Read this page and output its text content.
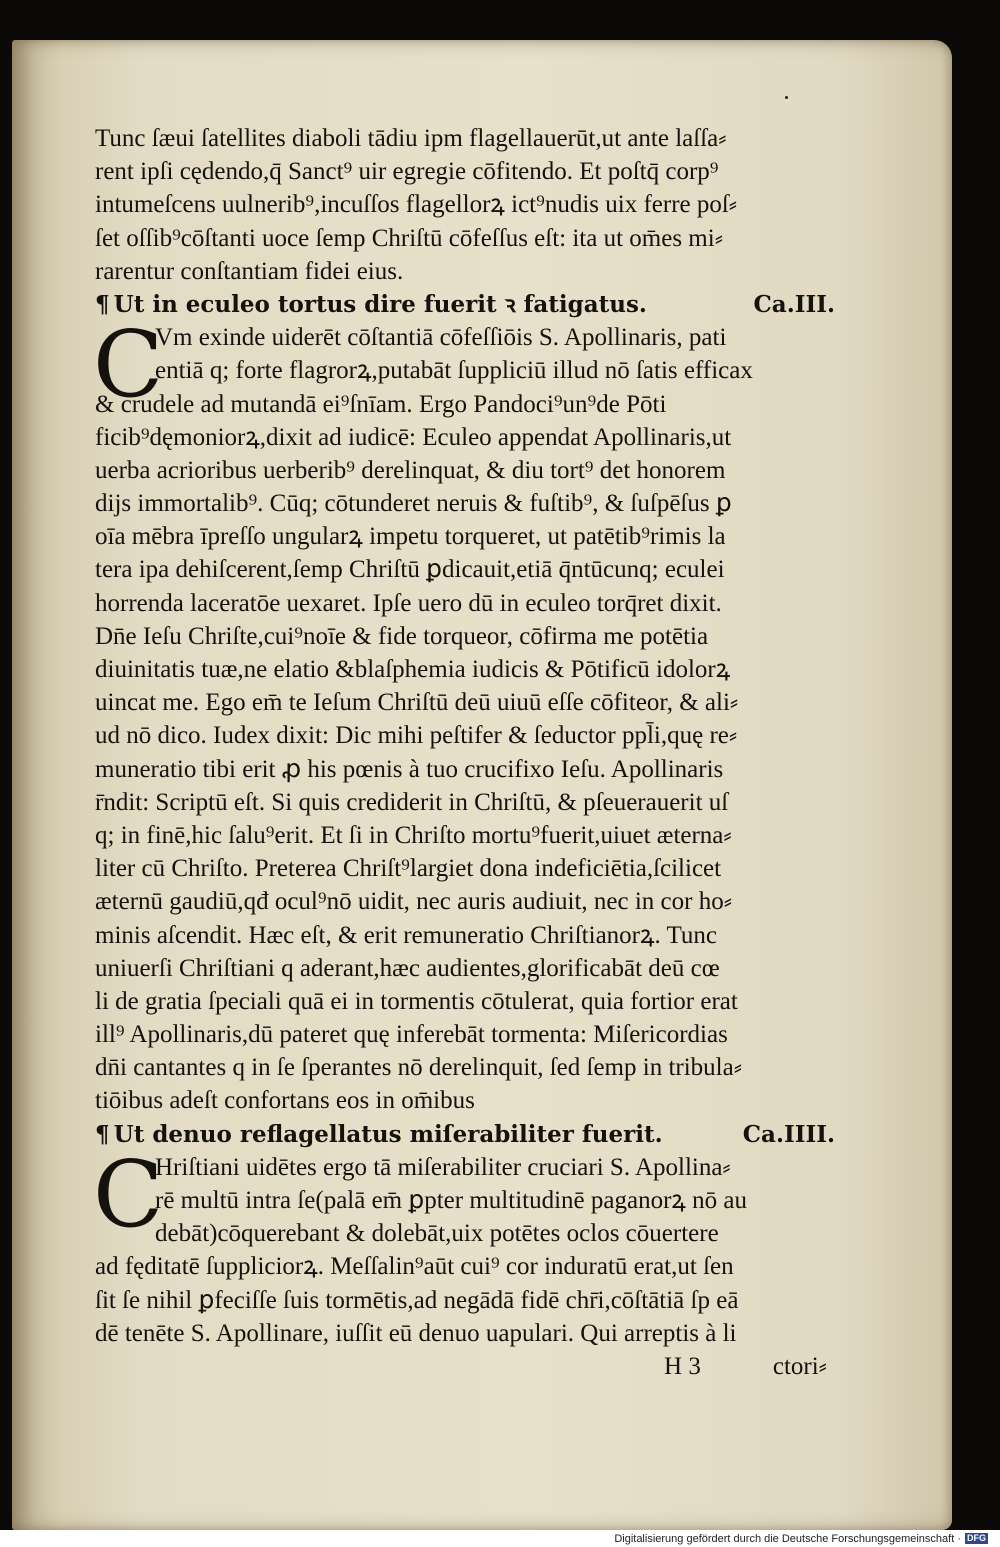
Tunc ſæui ſatellites diaboli tādiu ipm flagellauerūt,ut ante laſſa⸗
rent ipſi cędendo,q̄ Sanct⁹ uir egregie cōfitendo. Et poſtq̄ corp⁹
intumeſcens uulnerib⁹,incuſſos flagellorꝝ ict⁹nudis uix ferre poſ⸗
ſet oſſib⁹cōſtanti uoce ſemp Chriſtū cōfeſſus eſt: ita ut om̄es mi⸗
rarentur conſtantiam fidei eius.
¶ Ut in eculeo tortus dire fuerit ꝛ fatigatus.	Ca.III.
C
Vm exinde uiderēt cōſtantiā cōfeſſiōis S. Apollinaris, pati
entiā q; forte flagrorꝝ,putabāt ſuppliciū illud nō ſatis efficax
& crudele ad mutandā ei⁹ſnīam. Ergo Pandoci⁹un⁹de Pōti
ficib⁹dęmoniorꝝ,dixit ad iudicē: Eculeo appendat Apollinaris,ut
uerba acrioribus uerberib⁹ derelinquat, & diu tort⁹ det honorem
dijs immortalib⁹. Cūq; cōtunderet neruis & fuſtib⁹, & ſuſpēſus ꝑ
oīa mēbra īpreſſo ungularꝝ impetu torqueret, ut patētib⁹rimis la
tera ipa dehiſcerent,ſemp Chriſtū ꝑdicauit,etiā q̄ntūcunq; eculei
horrenda laceratōe uexaret. Ipſe uero dū in eculeo torq̄ret dixit.
Dn̄e Ieſu Chriſte,cui⁹noīe & fide torqueor, cōfirma me potētia
diuinitatis tuæ,ne elatio &blaſphemia iudicis & Pōtificū idolorꝝ
uincat me. Ego em̄ te Ieſum Chriſtū deū uiuū eſſe cōfiteor, & ali⸗
ud nō dico. Iudex dixit: Dic mihi peſtifer & ſeductor ppl̄i,quę re⸗
muneratio tibi erit ꝓ his pœnis à tuo crucifixo Ieſu. Apollinaris
r̄ndit: Scriptū eſt. Si quis crediderit in Chriſtū, & pſeuerauerit uſ
q; in finē,hic ſalu⁹erit. Et ſi in Chriſto mortu⁹fuerit,uiuet æterna⸗
liter cū Chriſto. Preterea Chriſt⁹largiet dona indeficiētia,ſcilicet
æternū gaudiū,qđ ocul⁹nō uidit, nec auris audiuit, nec in cor ho⸗
minis aſcendit. Hæc eſt, & erit remuneratio Chriſtianorꝝ. Tunc
uniuerſi Chriſtiani q aderant,hæc audientes,glorificabāt deū cœ
li de gratia ſpeciali quā ei in tormentis cōtulerat, quia fortior erat
ill⁹ Apollinaris,dū pateret quę inferebāt tormenta: Miſericordias
dn̄i cantantes q in ſe ſperantes nō derelinquit, ſed ſemp in tribula⸗
tiōibus adeſt confortans eos in om̄ibus
¶ Ut denuo reflagellatus miſerabiliter fuerit.	Ca.IIII.
C
Hriſtiani uidētes ergo tā miſerabiliter cruciari S. Apollina⸗
rē multū intra ſe(palā em̄ ꝑpter multitudinē paganorꝝ nō au
debāt)cōquerebant & dolebāt,uix potētes oclos cōuertere
ad fęditatē ſuppliciorꝝ. Meſſalin⁹aūt cui⁹ cor induratū erat,ut ſen
ſit ſe nihil ꝑfeciſſe ſuis tormētis,ad negādā fidē chr̄i,cōſtātiā ſp eā
dē tenēte S. Apollinare, iuſſit eū denuo uapulari. Qui arreptis à li
H 3	ctori⸗
Digitalisierung gefördert durch die Deutsche Forschungsgemeinschaft · DFG
